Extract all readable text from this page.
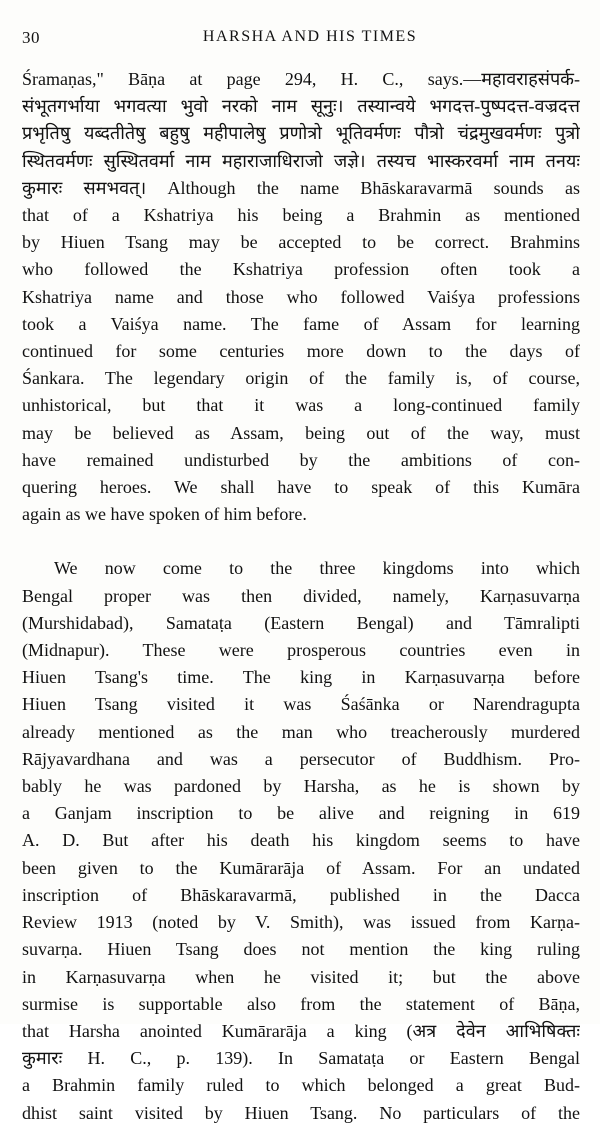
30	HARSHA AND HIS TIMES
Śramaṇas," Bāṇa at page 294, H. C., says.—महावराहसंपर्क-
संभूतगर्भाया भगवत्या भुवो नरको नाम सूनुः। तस्यान्वये भगदत्त-पुष्पदत्त-वज्रदत्त
प्रभृतिषु यब्दतीतेषु बहुषु महीपालेषु प्रणोत्रो भूतिवर्मणः पौत्रो चंद्रमुखवर्मणः पुत्रो
स्थितवर्मणः सुस्थितवर्मा नाम महाराजाधिराजो जज्ञे। तस्यच भास्करवर्मा नाम तनयः
कुमारः समभवत्। Although the name Bhāskaravarmā sounds as
that of a Kshatriya his being a Brahmin as mentioned
by Hiuen Tsang may be accepted to be correct. Brahmins
who followed the Kshatriya profession often took a
Kshatriya name and those who followed Vaiśya professions
took a Vaiśya name. The fame of Assam for learning
continued for some centuries more down to the days of
Śankara. The legendary origin of the family is, of course,
unhistorical, but that it was a long-continued family
may be believed as Assam, being out of the way, must
have remained undisturbed by the ambitions of con-
quering heroes. We shall have to speak of this Kumāra
again as we have spoken of him before.
We now come to the three kingdoms into which
Bengal proper was then divided, namely, Karṇasuvarṇa
(Murshidabad), Samataṭa (Eastern Bengal) and Tāmralipti
(Midnapur). These were prosperous countries even in
Hiuen Tsang's time. The king in Karṇasuvarṇa before
Hiuen Tsang visited it was Śaśānka or Narendragupta
already mentioned as the man who treacherously murdered
Rājyavardhana and was a persecutor of Buddhism. Pro-
bably he was pardoned by Harsha, as he is shown by
a Ganjam inscription to be alive and reigning in 619
A. D. But after his death his kingdom seems to have
been given to the Kumārarāja of Assam. For an undated
inscription of Bhāskaravarmā, published in the Dacca
Review 1913 (noted by V. Smith), was issued from Karṇa-
suvarṇa. Hiuen Tsang does not mention the king ruling
in Karṇasuvarṇa when he visited it; but the above
surmise is supportable also from the statement of Bāṇa,
that Harsha anointed Kumārarāja a king (अत्र देवेन आभिषिक्तः
कुमारः H. C., p. 139). In Samataṭa or Eastern Bengal
a Brahmin family ruled to which belonged a great Bud-
dhist saint visited by Hiuen Tsang. No particulars of the
